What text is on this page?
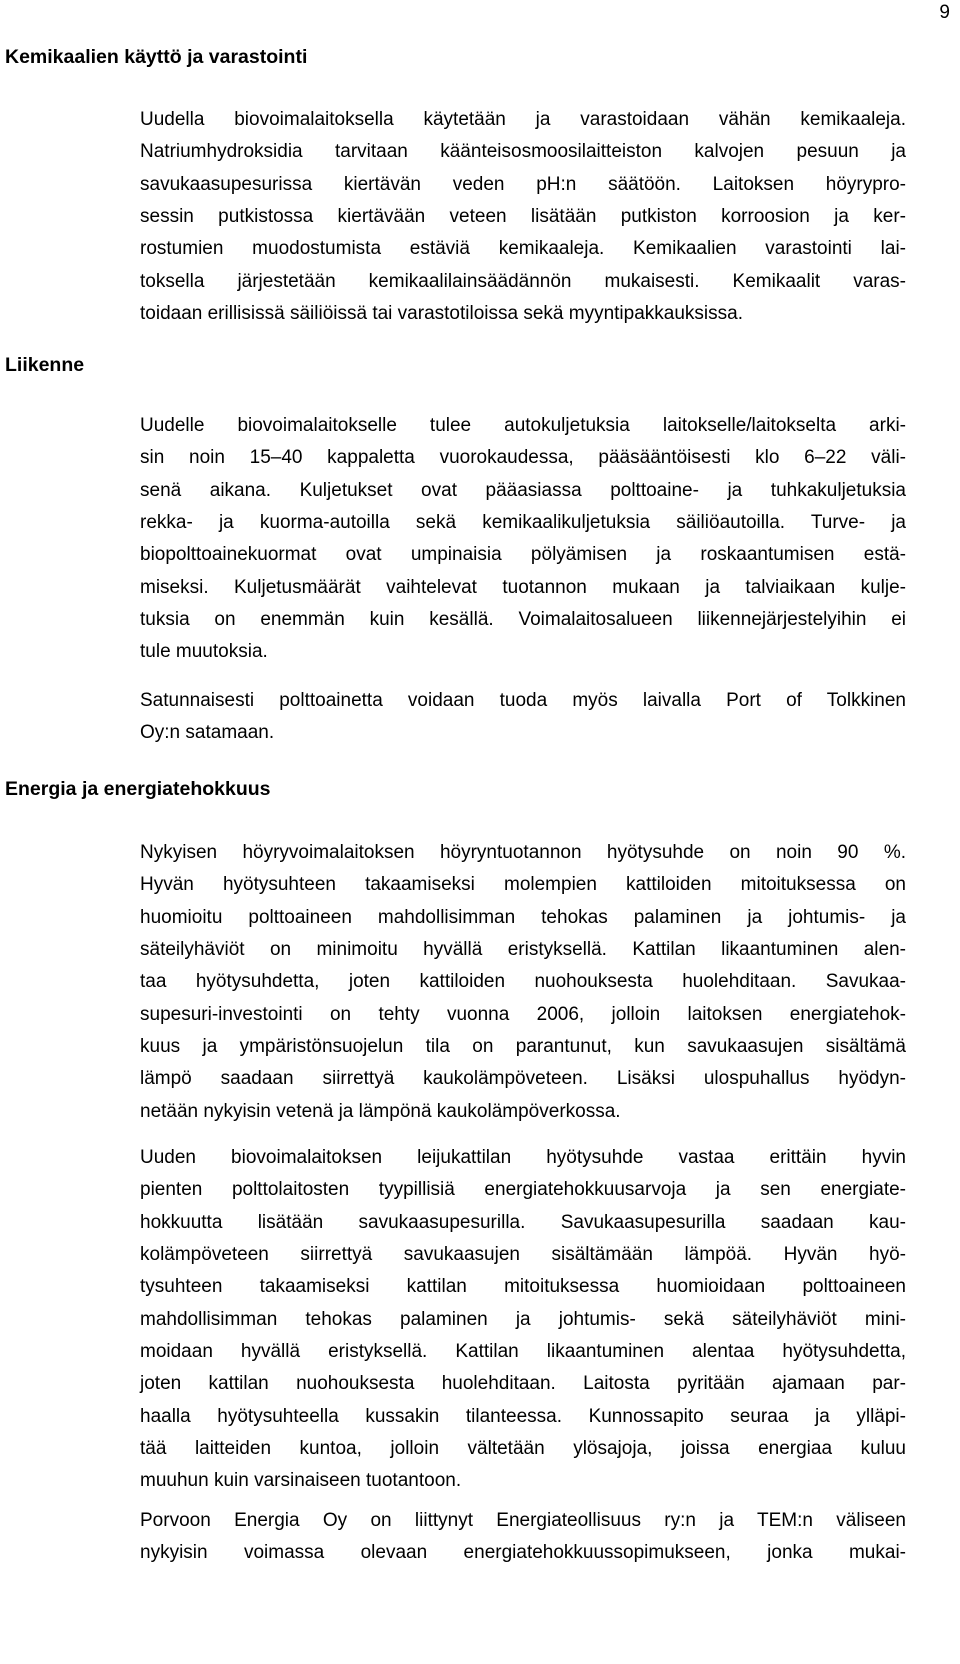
9
Kemikaalien käyttö ja varastointi
Uudella biovoimalaitoksella käytetään ja varastoidaan vähän kemikaaleja.
Natriumhydroksidia tarvitaan käänteisosmoosilaitteiston kalvojen pesuun ja
savukaasupesurissa kiertävän veden pH:n säätöön. Laitoksen höyrypro-
sessin putkistossa kiertävään veteen lisätään putkiston korroosion ja ker-
rostumien muodostumista estäviä kemikaaleja. Kemikaalien varastointi lai-
toksella järjestetään kemikaalilainsäädännön mukaisesti. Kemikaalit varas-
toidaan erillisissä säiliöissä tai varastotiloissa sekä myyntipakkauksissa.
Liikenne
Uudelle biovoimalaitokselle tulee autokuljetuksia laitokselle/laitokselta arki-
sin noin 15–40 kappaletta vuorokaudessa, pääsääntöisesti klo 6–22 väli-
senä aikana. Kuljetukset ovat pääasiassa polttoaine- ja tuhkakuljetuksia
rekka- ja kuorma-autoilla sekä kemikaalikuljetuksia säiliöautoilla. Turve- ja
biopolttoainekuormat ovat umpinaisia pölyämisen ja roskaantumisen estä-
miseksi. Kuljetusmäärät vaihtelevat tuotannon mukaan ja talviaikaan kulje-
tuksia on enemmän kuin kesällä. Voimalaitosalueen liikennejärjestelyihin ei
tule muutoksia.
Satunnaisesti polttoainetta voidaan tuoda myös laivalla Port of Tolkkinen
Oy:n satamaan.
Energia ja energiatehokkuus
Nykyisen höyryvoimalaitoksen höyryntuotannon hyötysuhde on noin 90 %.
Hyvän hyötysuhteen takaamiseksi molempien kattiloiden mitoituksessa on
huomioitu polttoaineen mahdollisimman tehokas palaminen ja johtumis- ja
säteilyhäviöt on minimoitu hyvällä eristyksellä. Kattilan likaantuminen alen-
taa hyötysuhdetta, joten kattiloiden nuohouksesta huolehditaan. Savukaa-
supesuri-investointi on tehty vuonna 2006, jolloin laitoksen energiatehok-
kuus ja ympäristönsuojelun tila on parantunut, kun savukaasujen sisältämä
lämpö saadaan siirrettyä kaukolämpöveteen. Lisäksi ulospuhallus hyödyn-
netään nykyisin vetenä ja lämpönä kaukolämpöverkossa.
Uuden biovoimalaitoksen leijukattilan hyötysuhde vastaa erittäin hyvin
pienten polttolaitosten tyypillisiä energiatehokkuusarvoja ja sen energiate-
hokkuutta lisätään savukaasupesurilla. Savukaasupesurilla saadaan kau-
kolämpöveteen siirrettyä savukaasujen sisältämään lämpöä. Hyvän hyö-
tysuhteen takaamiseksi kattilan mitoituksessa huomioidaan polttoaineen
mahdollisimman tehokas palaminen ja johtumis- sekä säteilyhäviöt mini-
moidaan hyvällä eristyksellä. Kattilan likaantuminen alentaa hyötysuhdetta,
joten kattilan nuohouksesta huolehditaan. Laitosta pyritään ajamaan par-
haalla hyötysuhteella kussakin tilanteessa. Kunnossapito seuraa ja ylläpi-
tää laitteiden kuntoa, jolloin vältetään ylösajoja, joissa energiaa kuluu
muuhun kuin varsinaiseen tuotantoon.
Porvoon Energia Oy on liittynyt Energiateollisuus ry:n ja TEM:n väliseen
nykyisin voimassa olevaan energiatehokkuussopimukseen, jonka mukai-
